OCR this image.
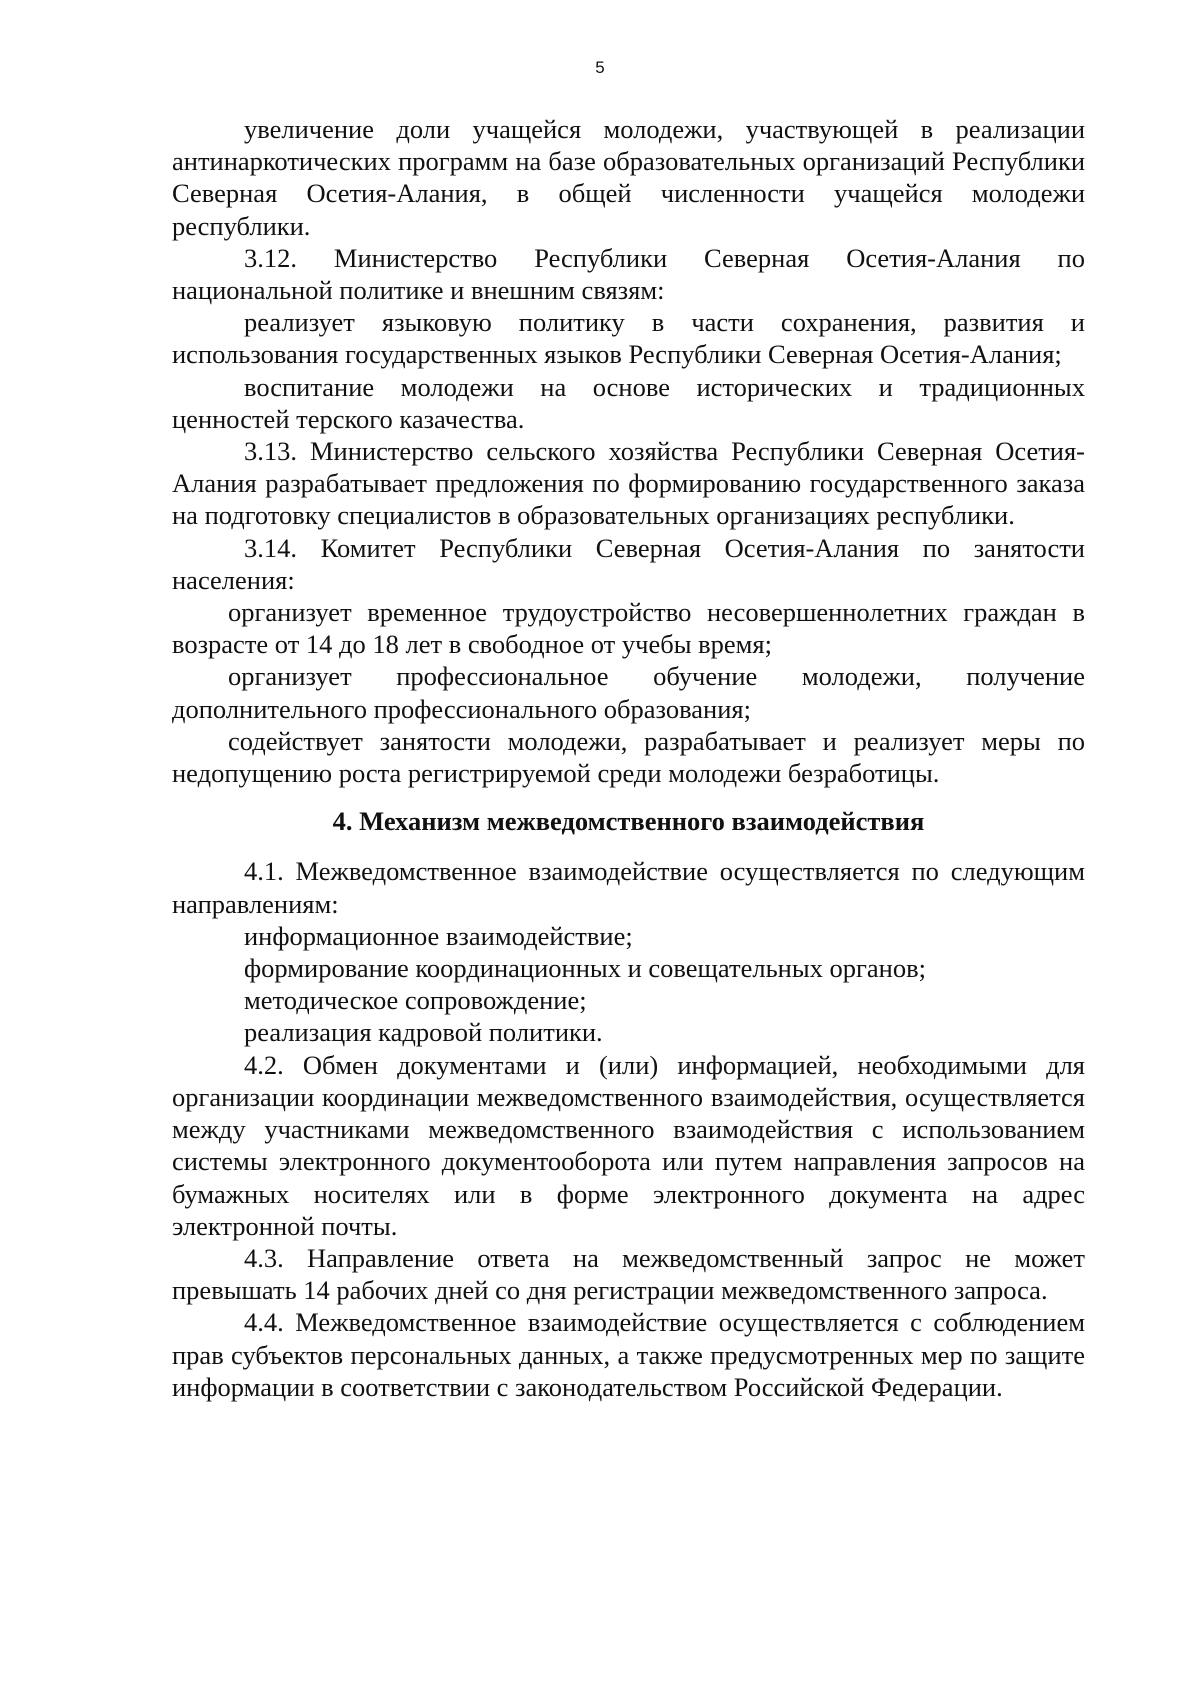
5

увеличение доли учащейся молодежи, участвующей в реализации антинаркотических программ на базе образовательных организаций Республики Северная Осетия-Алания, в общей численности учащейся молодежи республики.

3.12. Министерство Республики Северная Осетия-Алания по национальной политике и внешним связям:

реализует языковую политику в части сохранения, развития и использования государственных языков Республики Северная Осетия-Алания;

воспитание молодежи на основе исторических и традиционных ценностей терского казачества.

3.13. Министерство сельского хозяйства Республики Северная Осетия-Алания разрабатывает предложения по формированию государственного заказа на подготовку специалистов в образовательных организациях республики.

3.14. Комитет Республики Северная Осетия-Алания по занятости населения:

организует временное трудоустройство несовершеннолетних граждан в возрасте от 14 до 18 лет в свободное от учебы время;

организует профессиональное обучение молодежи, получение дополнительного профессионального образования;

содействует занятости молодежи, разрабатывает и реализует меры по недопущению роста регистрируемой среди молодежи безработицы.

4. Механизм межведомственного взаимодействия

4.1. Межведомственное взаимодействие осуществляется по следующим направлениям:

информационное взаимодействие;

формирование координационных и совещательных органов;

методическое сопровождение;

реализация кадровой политики.

4.2. Обмен документами и (или) информацией, необходимыми для организации координации межведомственного взаимодействия, осуществляется между участниками межведомственного взаимодействия с использованием системы электронного документооборота или путем направления запросов на бумажных носителях или в форме электронного документа на адрес электронной почты.

4.3. Направление ответа на межведомственный запрос не может превышать 14 рабочих дней со дня регистрации межведомственного запроса.

4.4. Межведомственное взаимодействие осуществляется с соблюдением прав субъектов персональных данных, а также предусмотренных мер по защите информации в соответствии с законодательством Российской Федерации.
